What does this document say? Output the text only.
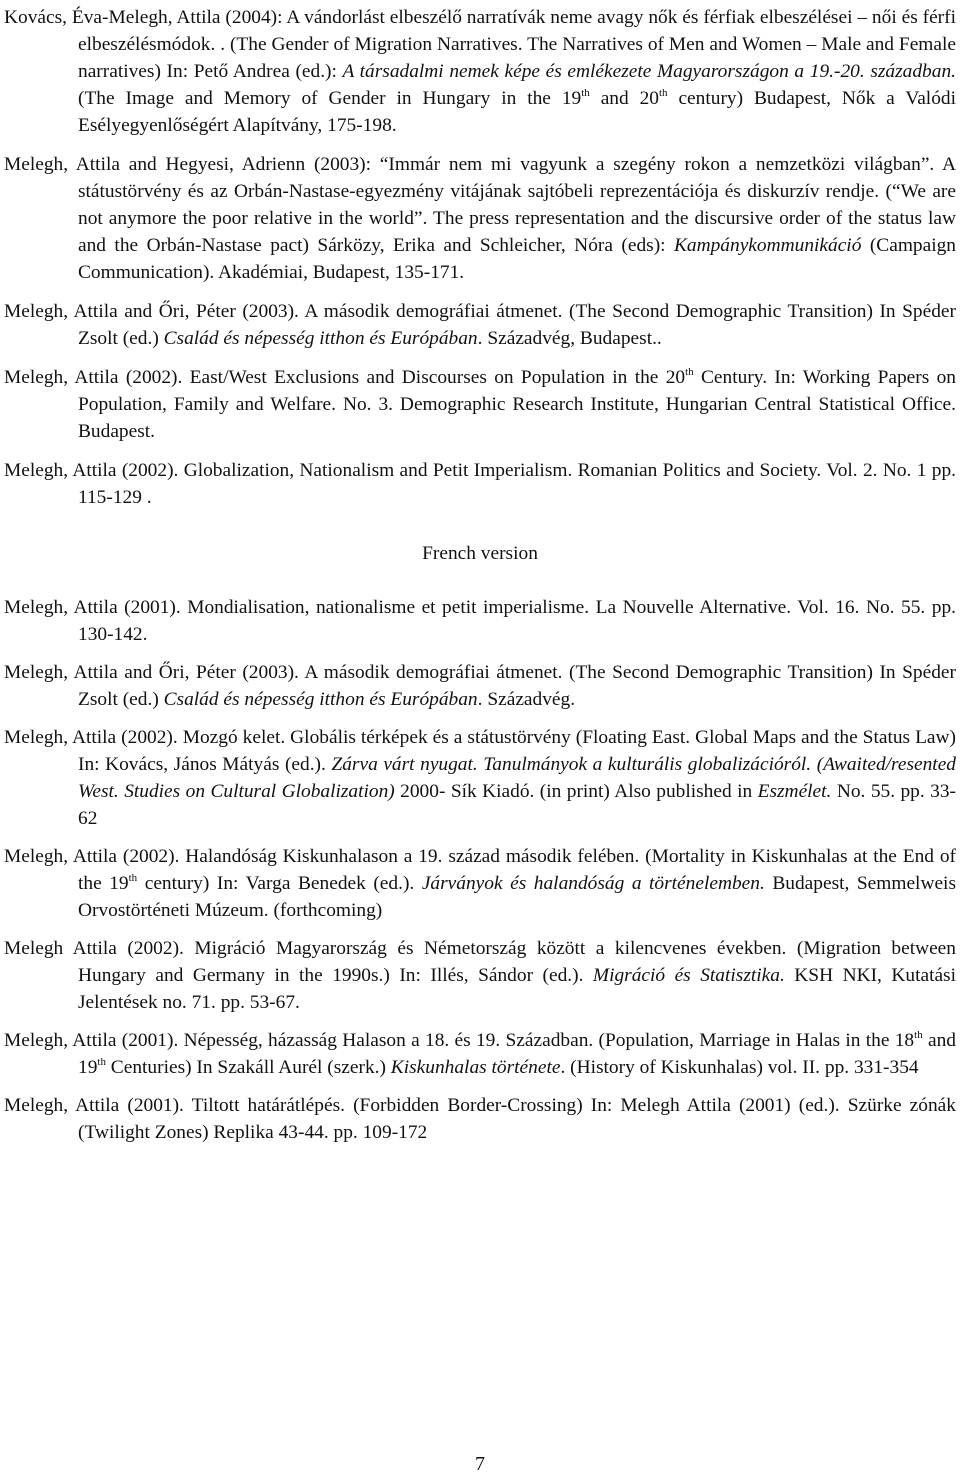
Kovács, Éva-Melegh, Attila (2004): A vándorlást elbeszélő narratívák neme avagy nők és férfiak elbeszélései – női és férfi elbeszélésmódok. . (The Gender of Migration Narratives. The Narratives of Men and Women – Male and Female narratives) In: Pető Andrea (ed.): A társadalmi nemek képe és emlékezete Magyarországon a 19.-20. században. (The Image and Memory of Gender in Hungary in the 19th and 20th century) Budapest, Nők a Valódi Esélyegyenlőségért Alapítvány, 175-198.
Melegh, Attila and Hegyesi, Adrienn (2003): “Immár nem mi vagyunk a szegény rokon a nemzetközi világban”. A státustörvény és az Orbán-Nastase-egyezmény vitájának sajtóbeli reprezentációja és diskurzív rendje. (“We are not anymore the poor relative in the world”. The press representation and the discursive order of the status law and the Orbán-Nastase pact) Sárközy, Erika and Schleicher, Nóra (eds): Kampánykommunikáció (Campaign Communication). Akadémiai, Budapest, 135-171.
Melegh, Attila and Őri, Péter (2003). A második demográfiai átmenet. (The Second Demographic Transition) In Spéder Zsolt (ed.) Család és népesség itthon és Európában. Századvég, Budapest..
Melegh, Attila (2002). East/West Exclusions and Discourses on Population in the 20th Century. In: Working Papers on Population, Family and Welfare. No. 3. Demographic Research Institute, Hungarian Central Statistical Office. Budapest.
Melegh, Attila (2002). Globalization, Nationalism and Petit Imperialism. Romanian Politics and Society. Vol. 2. No. 1 pp. 115-129 .
French version
Melegh, Attila (2001). Mondialisation, nationalisme et petit imperialisme. La Nouvelle Alternative. Vol. 16. No. 55. pp. 130-142.
Melegh, Attila and Őri, Péter (2003). A második demográfiai átmenet. (The Second Demographic Transition) In Spéder Zsolt (ed.) Család és népesség itthon és Európában. Századvég.
Melegh, Attila (2002). Mozgó kelet. Globális térképek és a státustörvény (Floating East. Global Maps and the Status Law) In: Kovács, János Mátyás (ed.). Zárva várt nyugat. Tanulmányok a kulturális globalizációról. (Awaited/resented West. Studies on Cultural Globalization) 2000- Sík Kiadó. (in print) Also published in Eszmélet. No. 55. pp. 33-62
Melegh, Attila (2002). Halandóság Kiskunhalason a 19. század második felében. (Mortality in Kiskunhalas at the End of the 19th century) In: Varga Benedek (ed.). Járványok és halandóság a történelemben. Budapest, Semmelweis Orvostörténeti Múzeum. (forthcoming)
Melegh Attila (2002). Migráció Magyarország és Németország között a kilencvenes években. (Migration between Hungary and Germany in the 1990s.) In: Illés, Sándor (ed.). Migráció és Statisztika. KSH NKI, Kutatási Jelentések no. 71. pp. 53-67.
Melegh, Attila (2001). Népesség, házasság Halason a 18. és 19. Században. (Population, Marriage in Halas in the 18th and 19th Centuries) In Szakáll Aurél (szerk.) Kiskunhalas története. (History of Kiskunhalas) vol. II. pp. 331-354
Melegh, Attila (2001). Tiltott határátlépés. (Forbidden Border-Crossing) In: Melegh Attila (2001) (ed.). Szürke zónák (Twilight Zones) Replika 43-44. pp. 109-172
7
